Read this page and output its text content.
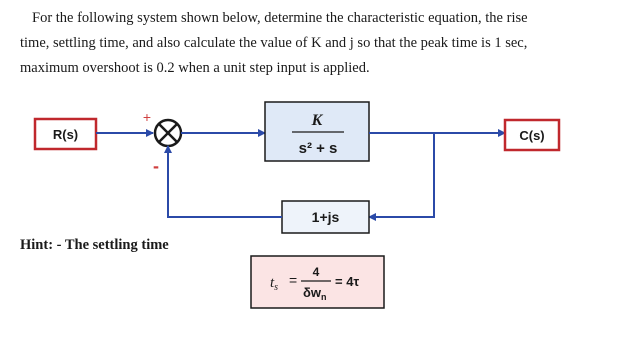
For the following system shown below, determine the characteristic equation, the rise
time, settling time, and also calculate the value of K and j so that the peak time is 1 sec,
maximum overshoot is 0.2 when a unit step input is applied.
Hint: - The settling time
R(s)
+
-
K
s² + s
C(s)
1+js
$t_s = 4$
$\delta w_n$
= 4τ
